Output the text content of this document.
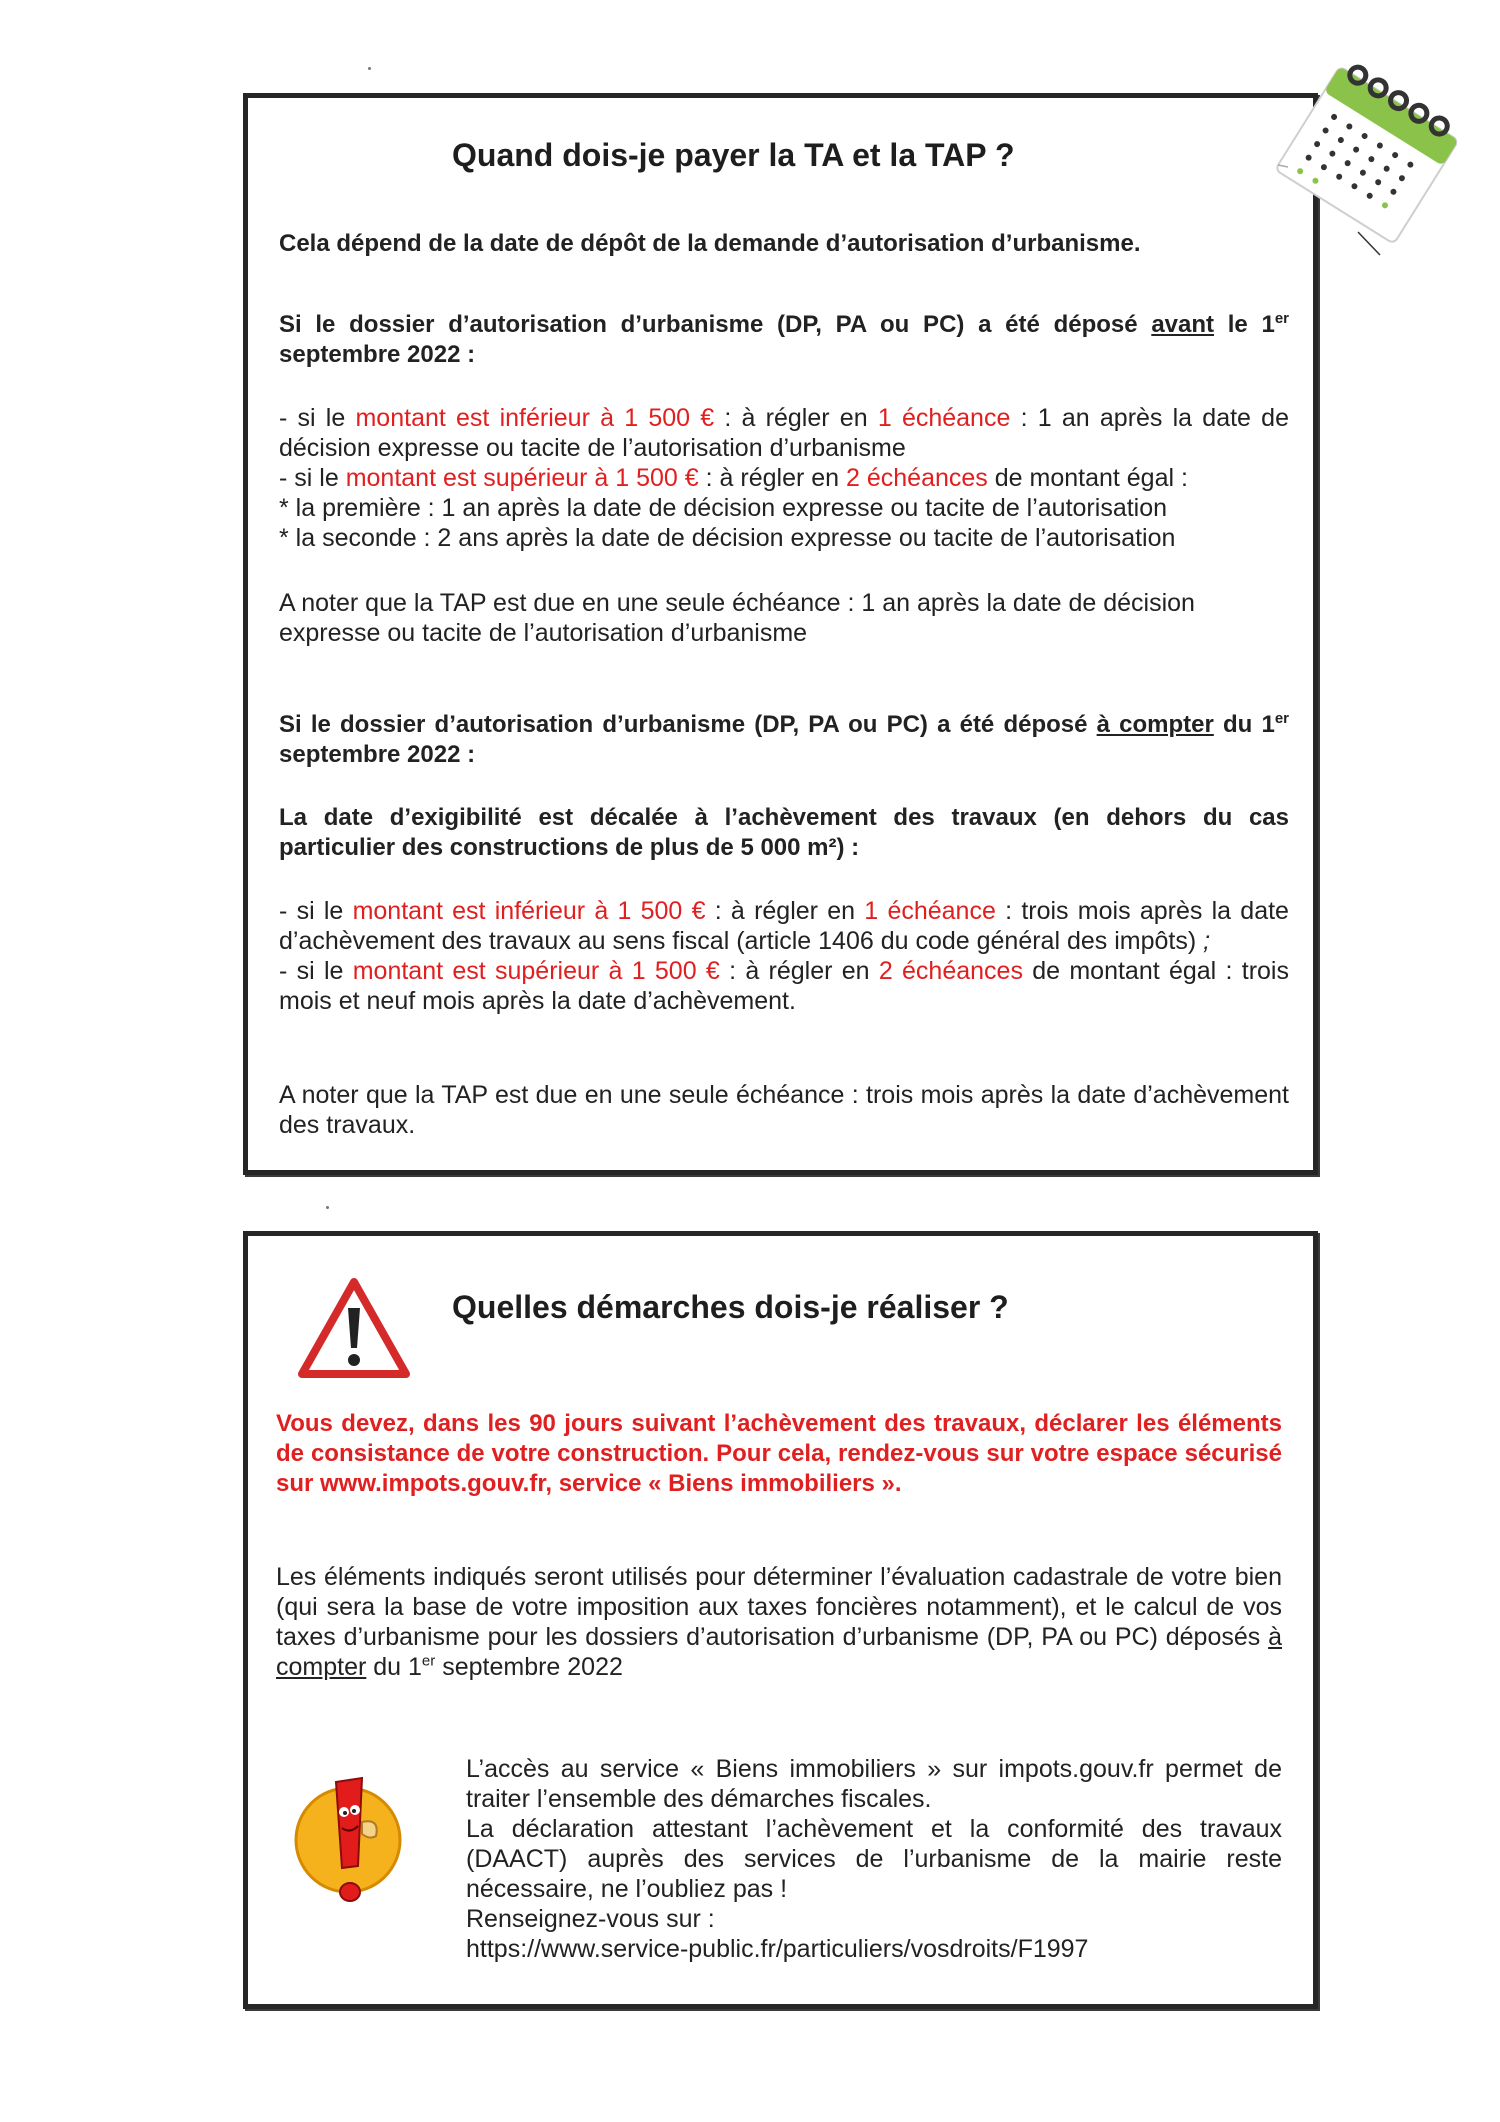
Quand dois-je payer la TA et la TAP ?

Cela dépend de la date de dépôt de la demande d’autorisation d’urbanisme.

Si le dossier d’autorisation d’urbanisme (DP, PA ou PC) a été déposé avant le 1er septembre 2022 :

- si le montant est inférieur à 1 500 € : à régler en 1 échéance : 1 an après la date de décision expresse ou tacite de l’autorisation d’urbanisme
- si le montant est supérieur à 1 500 € : à régler en 2 échéances de montant égal :
* la première : 1 an après la date de décision expresse ou tacite de l’autorisation
* la seconde : 2 ans après la date de décision expresse ou tacite de l’autorisation

A noter que la TAP est due en une seule échéance : 1 an après la date de décision expresse ou tacite de l’autorisation d’urbanisme

Si le dossier d’autorisation d’urbanisme (DP, PA ou PC) a été déposé à compter du 1er septembre 2022 :

La date d’exigibilité est décalée à l’achèvement des travaux (en dehors du cas particulier des constructions de plus de 5 000 m²) :

- si le montant est inférieur à 1 500 € : à régler en 1 échéance : trois mois après la date d’achèvement des travaux au sens fiscal (article 1406 du code général des impôts) ;
- si le montant est supérieur à 1 500 € : à régler en 2 échéances de montant égal : trois mois et neuf mois après la date d’achèvement.

A noter que la TAP est due en une seule échéance : trois mois après la date d’achèvement des travaux.

Quelles démarches dois-je réaliser ?

Vous devez, dans les 90 jours suivant l’achèvement des travaux, déclarer les éléments de consistance de votre construction. Pour cela, rendez-vous sur votre espace sécurisé sur www.impots.gouv.fr, service « Biens immobiliers ».

Les éléments indiqués seront utilisés pour déterminer l’évaluation cadastrale de votre bien (qui sera la base de votre imposition aux taxes foncières notamment), et le calcul de vos taxes d’urbanisme pour les dossiers d’autorisation d’urbanisme (DP, PA ou PC) déposés à compter du 1er septembre 2022

L’accès au service « Biens immobiliers » sur impots.gouv.fr permet de traiter l’ensemble des démarches fiscales.
La déclaration attestant l’achèvement et la conformité des travaux (DAACT) auprès des services de l’urbanisme de la mairie reste nécessaire, ne l’oubliez pas !
Renseignez-vous sur :
https://www.service-public.fr/particuliers/vosdroits/F1997
